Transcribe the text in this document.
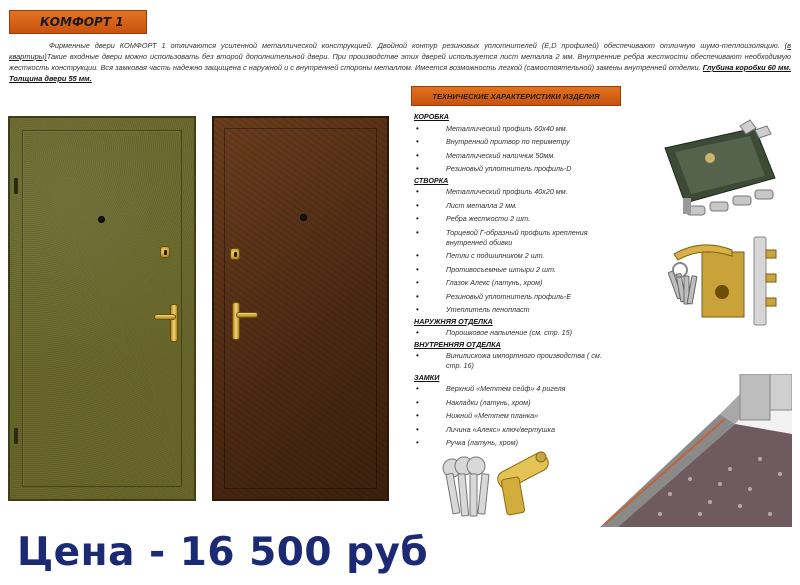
КОМФОРТ 1

Фирменные двери КОМФОРТ 1 отличаются усиленной металлической конструкцией. Двойной контур резиновых уплотнителей (E,D профилей) обеспечивают отличную шумо-теплоизоляцию. (в квартиры)Такие входные двери можно использовать без второй дополнительной двери. При производстве этих дверей используется лист металла 2 мм. Внутренние ребра жесткости обеспечивают необходимую жесткость конструкции. Вся замковая часть надежно защищена с наружной и с внутренней стороны металлом. Имеется возможность легкой (самостоятельной) замены внутренней отделки. Глубина коробки 60 мм. Толщина двери 55 мм.

ТЕХНИЧЕСКИЕ ХАРАКТЕРИСТИКИ ИЗДЕЛИЯ
КОРОБКА
•	Металлический профиль 60х40 мм.
•	Внутренний притвор по периметру
•	Металлический наличник 50мм.
•	Резиновый уплотнитель профиль-D
СТВОРКА
•	Металлический профиль 40х20 мм.
•	Лист металла 2 мм.
•	Ребра жесткости 2 шт.
•	Торцевой Г-образный профиль крепления внутренней обивки
•	Петли с подшипником 2 шт.
•	Противосъемные штыри 2 шт.
•	Глазок Алекс (латунь, хром)
•	Резиновый уплотнитель профиль-Е
•	Утеплитель пенопласт
НАРУЖНЯЯ ОТДЕЛКА
•	Порошковое напыление (см. стр. 15)
ВНУТРЕННЯЯ ОТДЕЛКА
•	Винилискожа импортного производства ( см. стр. 16)
ЗАМКИ
•	Верхний «Меттем сейф» 4 ригеля
•	Накладки (латунь, хром)
•	Нижний «Меттем планка»
•	Личина «Алекс» ключ/вертушка
•	Ручка (латунь, хром)
Цена - 16 500 руб
